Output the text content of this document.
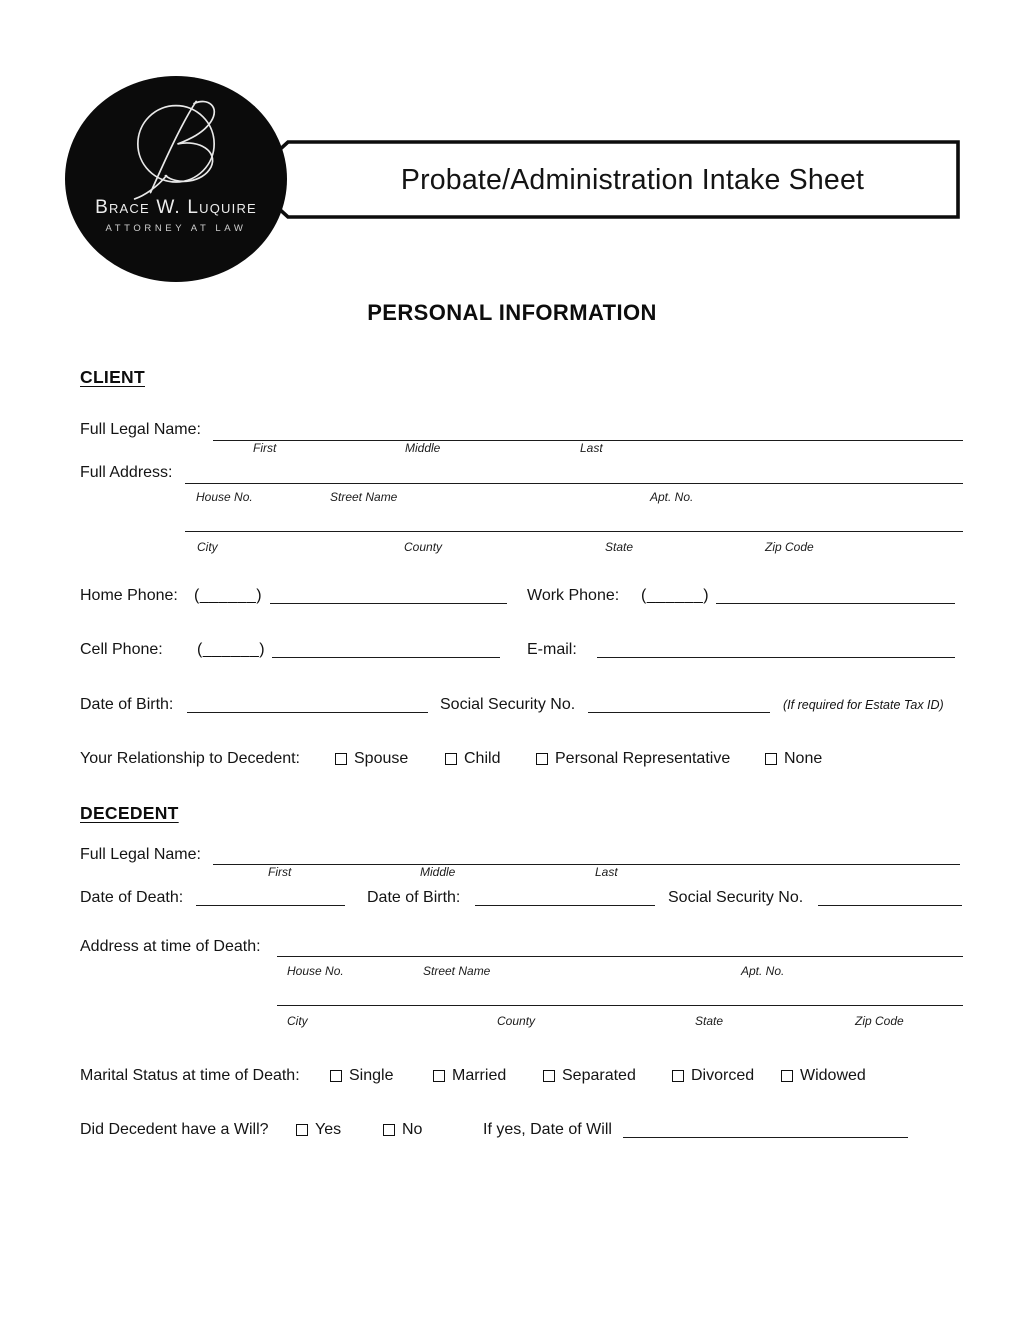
Probate/Administration Intake Sheet
Brace W. Luquire
ATTORNEY AT LAW
PERSONAL INFORMATION
CLIENT
Full Legal Name:
First	Middle	Last
Full Address:
House No.	Street Name	Apt. No.
City	County	State	Zip Code
Home Phone: (______)	Work Phone: (______)
Cell Phone: (______)	E-mail:
Date of Birth:	Social Security No.	(If required for Estate Tax ID)
Your Relationship to Decedent:	Spouse	Child	Personal Representative	None
DECEDENT
Full Legal Name:
First	Middle	Last
Date of Death:	Date of Birth:	Social Security No.
Address at time of Death:
House No.	Street Name	Apt. No.
City	County	State	Zip Code
Marital Status at time of Death:	Single	Married	Separated	Divorced	Widowed
Did Decedent have a Will?	Yes	No	If yes, Date of Will
